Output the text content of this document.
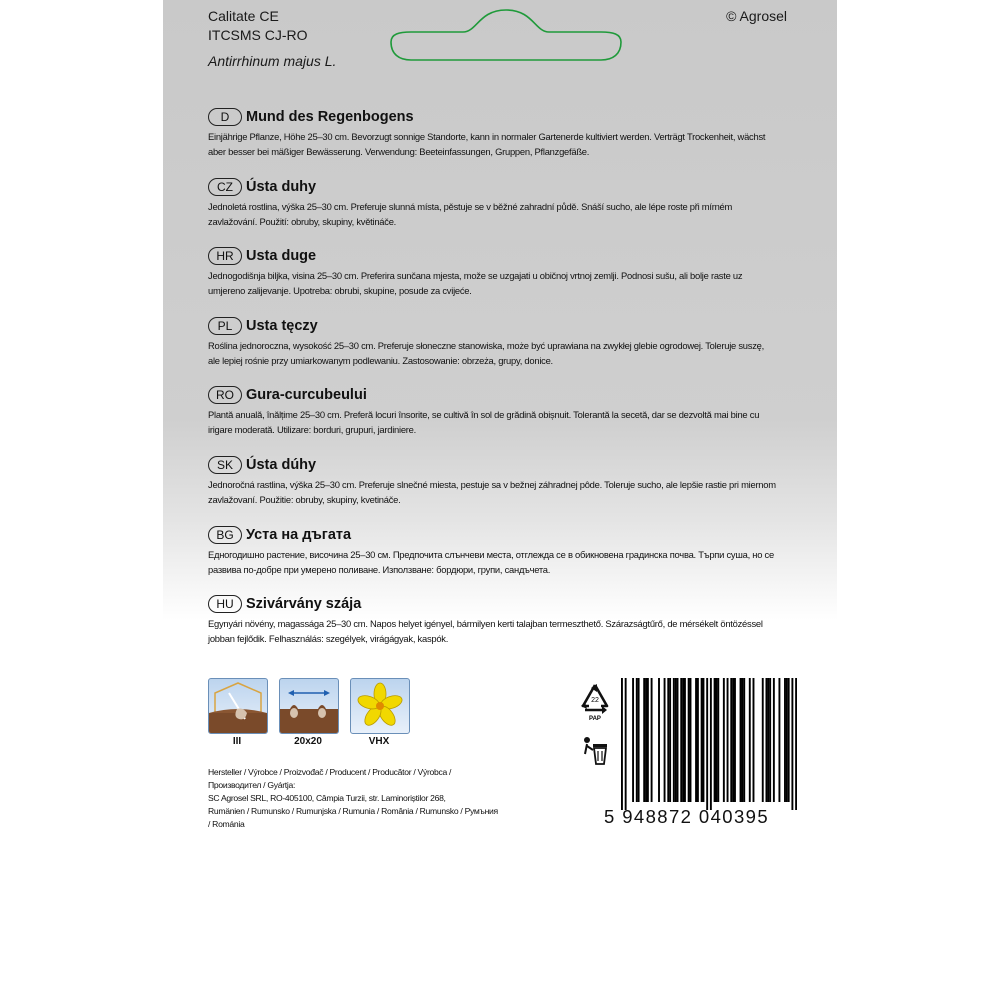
Calitate CE
ITCSMS CJ-RO
Antirrhinum majus L.
© Agrosel
D	Mund des Regenbogens
Einjährige Pflanze, Höhe 25–30 cm. Bevorzugt sonnige Standorte, kann in normaler Gartenerde kultiviert werden. Verträgt Trockenheit, wächst aber besser bei mäßiger Bewässerung. Verwendung: Beeteinfassungen, Gruppen, Pflanzgefäße.
CZ Ústa duhy
Jednoletá rostlina, výška 25–30 cm. Preferuje slunná místa, pěstuje se v běžné zahradní půdě. Snáší sucho, ale lépe roste při mírném zavlažování. Použití: obruby, skupiny, květináče.
HR Usta duge
Jednogodišnja biljka, visina 25–30 cm. Preferira sunčana mjesta, može se uzgajati u običnoj vrtnoj zemlji. Podnosi sušu, ali bolje raste uz umjereno zalijevanje. Upotreba: obrubi, skupine, posude za cvijeće.
PL Usta tęczy
Roślina jednoroczna, wysokość 25–30 cm. Preferuje słoneczne stanowiska, może być uprawiana na zwykłej glebie ogrodowej. Toleruje suszę, ale lepiej rośnie przy umiarkowanym podlewaniu. Zastosowanie: obrzeża, grupy, donice.
RO Gura-curcubeului
Plantă anuală, înălțime 25–30 cm. Preferă locuri însorite, se cultivă în sol de grădină obișnuit. Tolerantă la secetă, dar se dezvoltă mai bine cu irigare moderată. Utilizare: borduri, grupuri, jardiniere.
SK Ústa dúhy
Jednoročná rastlina, výška 25–30 cm. Preferuje slnečné miesta, pestuje sa v bežnej záhradnej pôde. Toleruje sucho, ale lepšie rastie pri miernom zavlažovaní. Použitie: obruby, skupiny, kvetináče.
BG Уста на дъгата
Едногодишно растение, височина 25–30 см. Предпочита слънчеви места, отглежда се в обикновена градинска почва. Търпи суша, но се развива по-добре при умерено поливане. Използване: бордюри, групи, сандъчета.
HU Szivárvány szája
Egynyári növény, magassága 25–30 cm. Napos helyet igényel, bármilyen kerti talajban termeszthető. Szárazságtűrő, de mérsékelt öntözéssel jobban fejlődik. Felhasználás: szegélyek, virágágyak, kaspók.
III	20x20	VHX
Hersteller / Výrobce / Proizvođač / Producent / Producător / Výrobca / Производител / Gyártja:
SC Agrosel SRL, RO-405100, Câmpia Turzii, str. Laminoriștilor 268,
Rumänien / Rumunsko / Rumunjska / Rumunia / România / Rumunsko / Румъния / Románia
22
PAP
5 948872 040395
